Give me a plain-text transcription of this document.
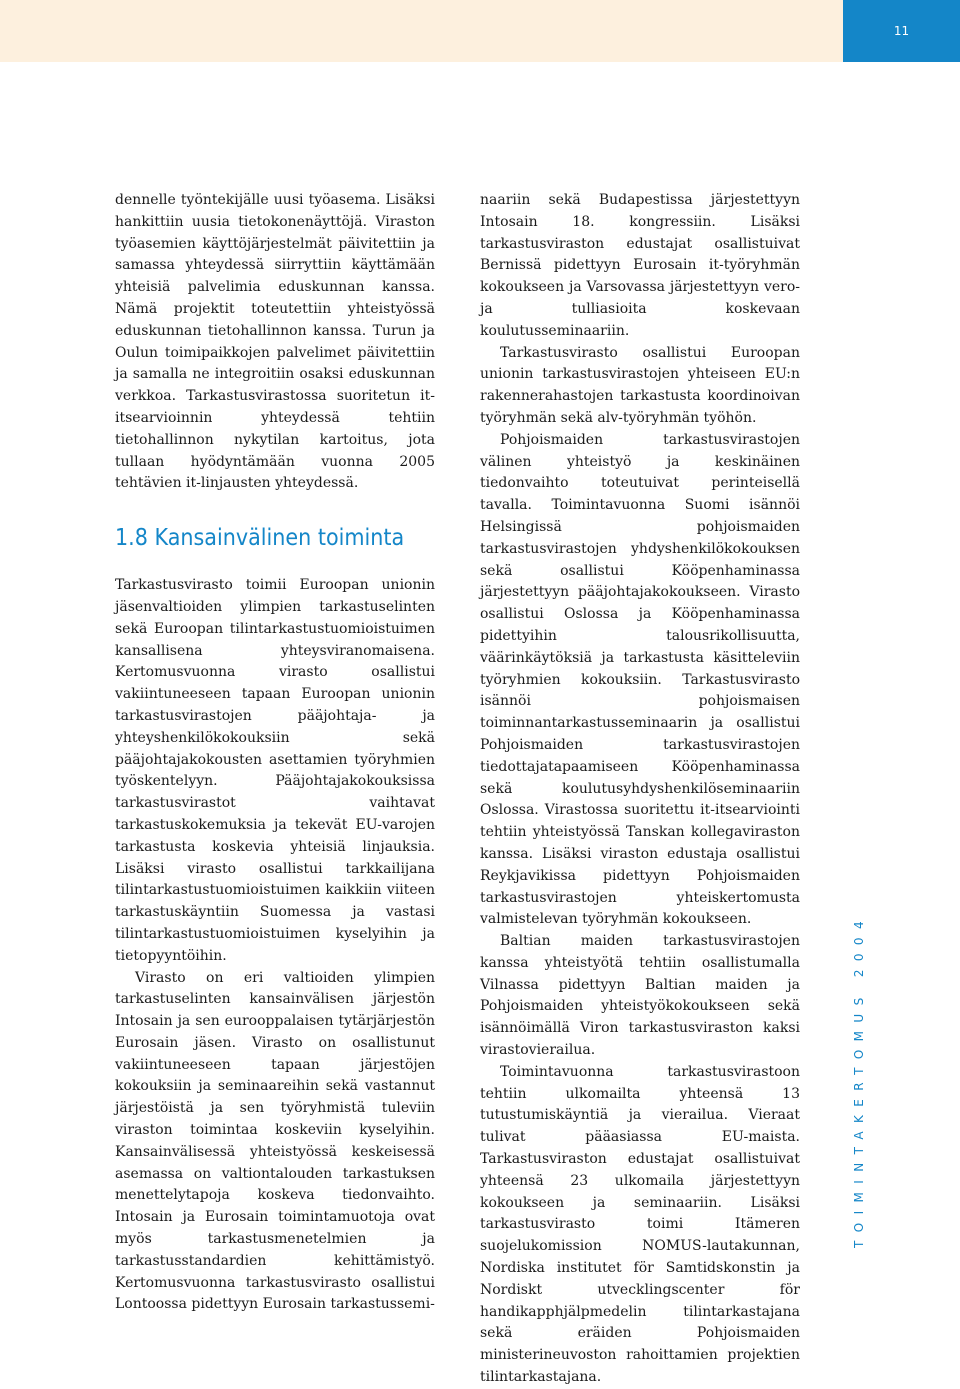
11

dennelle työntekijälle uusi työasema. Lisäksi hankittiin uusia tietokonenäyttöjä. Viraston työasemien käyttöjärjestelmät päivitettiin ja samassa yhteydessä siirryttiin käyttämään yhteisiä palvelimia eduskunnan kanssa. Nämä projektit toteutettiin yhteistyössä eduskunnan tietohallinnon kanssa. Turun ja Oulun toimipaikkojen palvelimet päivitettiin ja samalla ne integroitiin osaksi eduskunnan verkkoa. Tarkastusvirastossa suoritetun it-itsearvioinnin yhteydessä tehtiin tietohallinnon nykytilan kartoitus, jota tullaan hyödyntämään vuonna 2005 tehtävien it-linjausten yhteydessä.

1.8 Kansainvälinen toiminta

Tarkastusvirasto toimii Euroopan unionin jäsenvaltioiden ylimpien tarkastuselinten sekä Euroopan tilintarkastustuomioistuimen kansallisena yhteysviranomaisena. Kertomusvuonna virasto osallistui vakiintuneeseen tapaan Euroopan unionin tarkastusvirastojen pääjohtaja- ja yhteyshenkilökokouksiin sekä pääjohtajakokousten asettamien työryhmien työskentelyyn. Pääjohtajakokouksissa tarkastusvirastot vaihtavat tarkastuskokemuksia ja tekevät EU-varojen tarkastusta koskevia yhteisiä linjauksia. Lisäksi virasto osallistui tarkkailijana tilintarkastustuomioistuimen kaikkiin viiteen tarkastuskäyntiin Suomessa ja vastasi tilintarkastustuomioistuimen kyselyihin ja tietopyyntöihin.

Virasto on eri valtioiden ylimpien tarkastuselinten kansainvälisen järjestön Intosain ja sen eurooppalaisen tytärjärjestön Eurosain jäsen. Virasto on osallistunut vakiintuneeseen tapaan järjestöjen kokouksiin ja seminaareihin sekä vastannut järjestöistä ja sen työryhmistä tuleviin viraston toimintaa koskeviin kyselyihin. Kansainvälisessä yhteistyössä keskeisessä asemassa on valtiontalouden tarkastuksen menettelytapoja koskeva tiedonvaihto. Intosain ja Eurosain toimintamuotoja ovat myös tarkastusmenetelmien ja tarkastusstandardien kehittämistyö. Kertomusvuonna tarkastusvirasto osallistui Lontoossa pidettyyn Eurosain tarkastussemi-

naariin sekä Budapestissa järjestettyyn Intosain 18. kongressiin. Lisäksi tarkastusviraston edustajat osallistuivat Bernissä pidettyyn Eurosain it-työryhmän kokoukseen ja Varsovassa järjestettyyn vero- ja tulliasioita koskevaan koulutusseminaariin.

Tarkastusvirasto osallistui Euroopan unionin tarkastusvirastojen yhteiseen EU:n rakennerahastojen tarkastusta koordinoivan työryhmän sekä alv-työryhmän työhön.

Pohjoismaiden tarkastusvirastojen välinen yhteistyö ja keskinäinen tiedonvaihto toteutuivat perinteisellä tavalla. Toimintavuonna Suomi isännöi Helsingissä pohjoismaiden tarkastusvirastojen yhdyshenkilökokouksen sekä osallistui Kööpenhaminassa järjestettyyn pääjohtajakokoukseen. Virasto osallistui Oslossa ja Kööpenhaminassa pidettyihin talousrikollisuutta, väärinkäytöksiä ja tarkastusta käsitteleviin työryhmien kokouksiin. Tarkastusvirasto isännöi pohjoismaisen toiminnantarkastusseminaarin ja osallistui Pohjoismaiden tarkastusvirastojen tiedottajatapaamiseen Kööpenhaminassa sekä koulutusyhdyshenkilöseminaariin Oslossa. Virastossa suoritettu it-itsearviointi tehtiin yhteistyössä Tanskan kollegaviraston kanssa. Lisäksi viraston edustaja osallistui Reykjavikissa pidettyyn Pohjoismaiden tarkastusvirastojen yhteiskertomusta valmistelevan työryhmän kokoukseen.

Baltian maiden tarkastusvirastojen kanssa yhteistyötä tehtiin osallistumalla Vilnassa pidettyyn Baltian maiden ja Pohjoismaiden yhteistyökokoukseen sekä isännöimällä Viron tarkastusviraston kaksi virastovierailua.

Toimintavuonna tarkastusvirastoon tehtiin ulkomailta yhteensä 13 tutustumiskäyntiä ja vierailua. Vieraat tulivat pääasiassa EU-maista. Tarkastusviraston edustajat osallistuivat yhteensä 23 ulkomaila järjestettyyn kokoukseen ja seminaariin. Lisäksi tarkastusvirasto toimi Itämeren suojelukomission NOMUS-lautakunnan, Nordiska institutet för Samtidskonstin ja Nordiskt utvecklingscenter för handikapphjälpmedelin tilintarkastajana sekä eräiden Pohjoismaiden ministerineuvoston rahoittamien projektien tilintarkastajana.

TOIMINTAKERTOMUS 2004
